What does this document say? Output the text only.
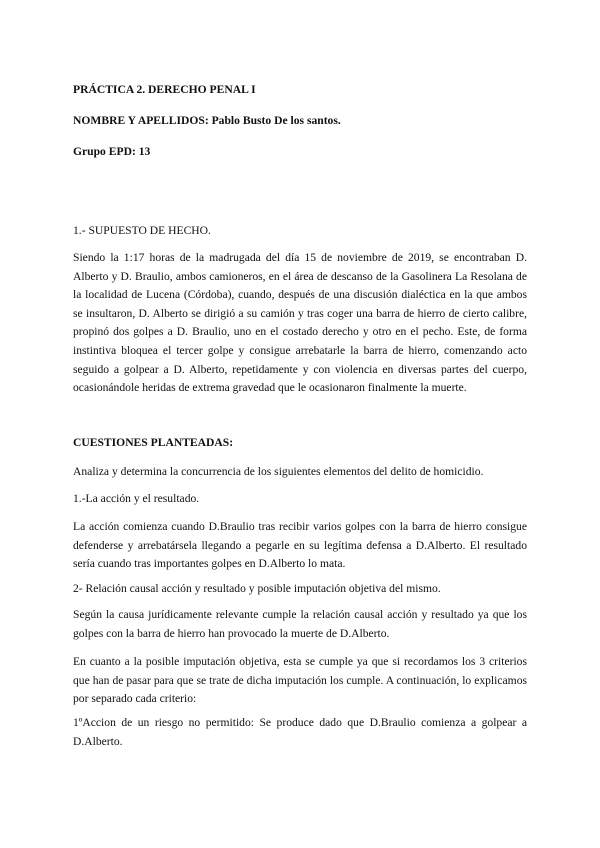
PRÁCTICA 2. DERECHO PENAL I

NOMBRE Y APELLIDOS: Pablo Busto De los santos.

Grupo EPD: 13

1.- SUPUESTO DE HECHO.

Siendo la 1:17 horas de la madrugada del día 15 de noviembre de 2019, se encontraban D. Alberto y D. Braulio, ambos camioneros, en el área de descanso de la Gasolinera La Resolana de la localidad de Lucena (Córdoba), cuando, después de una discusión dialéctica en la que ambos se insultaron, D. Alberto se dirigió a su camión y tras coger una barra de hierro de cierto calibre, propinó dos golpes a D. Braulio, uno en el costado derecho y otro en el pecho. Este, de forma instintiva bloquea el tercer golpe y consigue arrebatarle la barra de hierro, comenzando acto seguido a golpear a D. Alberto, repetidamente y con violencia en diversas partes del cuerpo, ocasionándole heridas de extrema gravedad que le ocasionaron finalmente la muerte.

CUESTIONES PLANTEADAS:

Analiza y determina la concurrencia de los siguientes elementos del delito de homicidio.

1.-La acción y el resultado.

La acción comienza cuando D.Braulio tras recibir varios golpes con la barra de hierro consigue defenderse y arrebatársela llegando a pegarle en su legítima defensa a D.Alberto. El resultado sería cuando tras importantes golpes en D.Alberto lo mata.

2- Relación causal acción y resultado y posible imputación objetiva del mismo.

Según la causa jurídicamente relevante cumple la relación causal acción y resultado ya que los golpes con la barra de hierro han provocado la muerte de D.Alberto.

En cuanto a la posible imputación objetiva, esta se cumple ya que si recordamos los 3 criterios que han de pasar para que se trate de dicha imputación los cumple. A continuación, lo explicamos por separado cada criterio:

1ºAccion de un riesgo no permitido: Se produce dado que D.Braulio comienza a golpear a D.Alberto.
